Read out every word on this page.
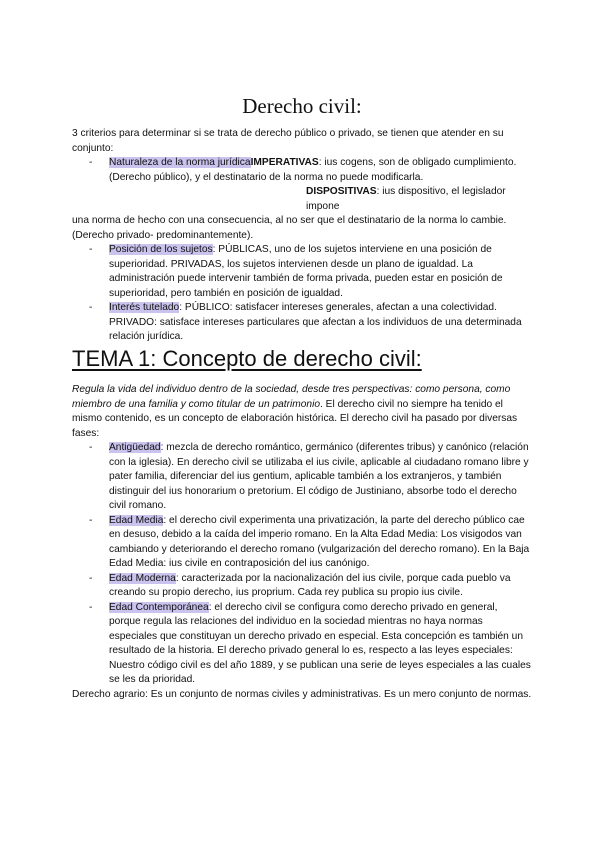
Derecho civil:

3 criterios para determinar si se trata de derecho público o privado, se tienen que atender en su conjunto:

- Naturaleza de la norma jurídicaIMPERATIVAS: ius cogens, son de obligado cumplimiento. (Derecho público), y el destinatario de la norma no puede modificarla.
DISPOSITIVAS: ius dispositivo, el legislador impone

una norma de hecho con una consecuencia, al no ser que el destinatario de la norma lo cambie. (Derecho privado- predominantemente).

- Posición de los sujetos: PÚBLICAS, uno de los sujetos interviene en una posición de superioridad. PRIVADAS, los sujetos intervienen desde un plano de igualdad. La administración puede intervenir también de forma privada, pueden estar en posición de superioridad, pero también en posición de igualdad.
- Interés tutelado: PÚBLICO: satisfacer intereses generales, afectan a una colectividad. PRIVADO: satisface intereses particulares que afectan a los individuos de una determinada relación jurídica.
TEMA 1: Concepto de derecho civil:

Regula la vida del individuo dentro de la sociedad, desde tres perspectivas: como persona, como miembro de una familia y como titular de un patrimonio. El derecho civil no siempre ha tenido el mismo contenido, es un concepto de elaboración histórica. El derecho civil ha pasado por diversas fases:

- Antigüedad: mezcla de derecho romántico, germánico (diferentes tribus) y canónico (relación con la iglesia). En derecho civil se utilizaba el ius civile, aplicable al ciudadano romano libre y pater familia, diferenciar del ius gentium, aplicable también a los extranjeros, y también distinguir del ius honorarium o pretorium. El código de Justiniano, absorbe todo el derecho civil romano.
- Edad Media: el derecho civil experimenta una privatización, la parte del derecho público cae en desuso, debido a la caída del imperio romano. En la Alta Edad Media: Los visigodos van cambiando y deteriorando el derecho romano (vulgarización del derecho romano). En la Baja Edad Media: ius civile en contraposición del ius canónigo.
- Edad Moderna: caracterizada por la nacionalización del ius civile, porque cada pueblo va creando su propio derecho, ius proprium. Cada rey publica su propio ius civile.
- Edad Contemporánea: el derecho civil se configura como derecho privado en general, porque regula las relaciones del individuo en la sociedad mientras no haya normas especiales que constituyan un derecho privado en especial. Esta concepción es también un resultado de la historia. El derecho privado general lo es, respecto a las leyes especiales: Nuestro código civil es del año 1889, y se publican una serie de leyes especiales a las cuales se les da prioridad.

Derecho agrario: Es un conjunto de normas civiles y administrativas. Es un mero conjunto de normas.
